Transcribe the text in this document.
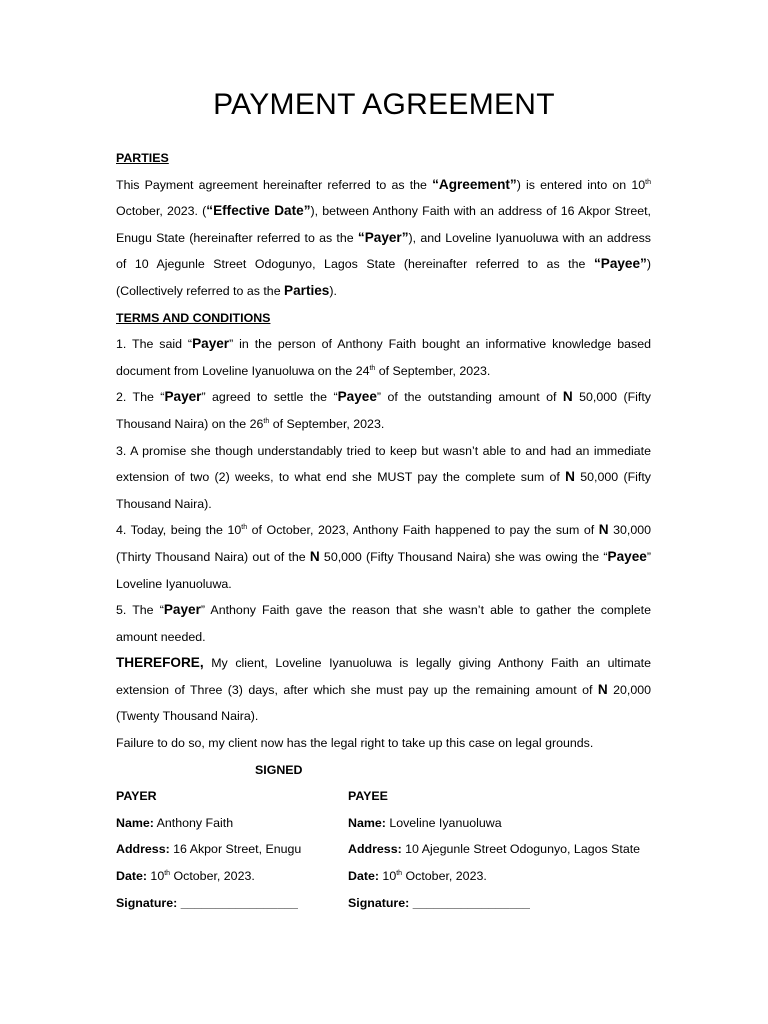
PAYMENT AGREEMENT

PARTIES

This Payment agreement hereinafter referred to as the “Agreement”) is entered into on 10th October, 2023. (“Effective Date”), between Anthony Faith with an address of 16 Akpor Street, Enugu State (hereinafter referred to as the “Payer”), and Loveline Iyanuoluwa with an address of 10 Ajegunle Street Odogunyo, Lagos State (hereinafter referred to as the “Payee”) (Collectively referred to as the Parties).

TERMS AND CONDITIONS

1. The said “Payer” in the person of Anthony Faith bought an informative knowledge based document from Loveline Iyanuoluwa on the 24th of September, 2023.

2. The “Payer” agreed to settle the “Payee” of the outstanding amount of N 50,000 (Fifty Thousand Naira) on the 26th of September, 2023.

3. A promise she though understandably tried to keep but wasn’t able to and had an immediate extension of two (2) weeks, to what end she MUST pay the complete sum of N 50,000 (Fifty Thousand Naira).

4. Today, being the 10th of October, 2023, Anthony Faith happened to pay the sum of N 30,000 (Thirty Thousand Naira) out of the N 50,000 (Fifty Thousand Naira) she was owing the “Payee” Loveline Iyanuoluwa.

5. The “Payer” Anthony Faith gave the reason that she wasn’t able to gather the complete amount needed.

THEREFORE, My client, Loveline Iyanuoluwa is legally giving Anthony Faith an ultimate extension of Three (3) days, after which she must pay up the remaining amount of N 20,000 (Twenty Thousand Naira).

Failure to do so, my client now has the legal right to take up this case on legal grounds.

SIGNED

PAYER
Name: Anthony Faith
Address: 16 Akpor Street, Enugu
Date: 10th October, 2023.
Signature: _________________
PAYEE
Name: Loveline Iyanuoluwa
Address: 10 Ajegunle Street Odogunyo, Lagos State
Date: 10th October, 2023.
Signature: _________________
